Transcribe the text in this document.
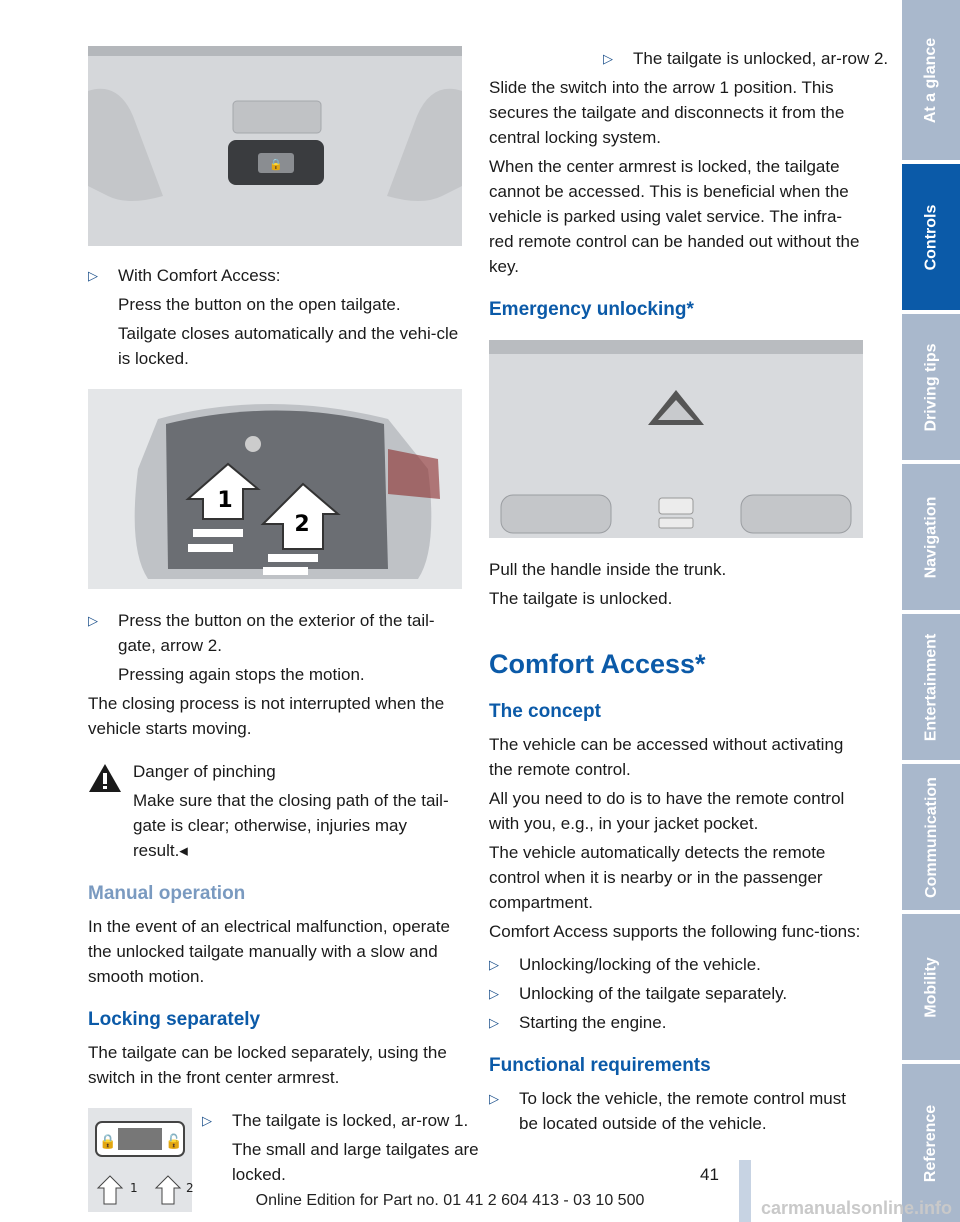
🔒
▷ With Comfort Access:

Press the button on the open tailgate.

Tailgate closes automatically and the vehi-cle is locked.

1
2
▷ Press the button on the exterior of the tail-gate, arrow 2.

Pressing again stops the motion.

The closing process is not interrupted when the vehicle starts moving.

Danger of pinching

Make sure that the closing path of the tail-gate is clear; otherwise, injuries may result.◂

Manual operation

In the event of an electrical malfunction, operate the unlocked tailgate manually with a slow and smooth motion.

Locking separately

The tailgate can be locked separately, using the switch in the front center armrest.

🔒	🔓
1	2
▷ The tailgate is locked, ar-row 1.

The small and large tailgates are locked.

▷ The tailgate is unlocked, ar-row 2.

Slide the switch into the arrow 1 position. This secures the tailgate and disconnects it from the central locking system.

When the center armrest is locked, the tailgate cannot be accessed. This is beneficial when the vehicle is parked using valet service. The infra-red remote control can be handed out without the key.

Emergency unlocking*

Pull the handle inside the trunk.

The tailgate is unlocked.

Comfort Access*

The concept

The vehicle can be accessed without activating the remote control.

All you need to do is to have the remote control with you, e.g., in your jacket pocket.

The vehicle automatically detects the remote control when it is nearby or in the passenger compartment.

Comfort Access supports the following func-tions:

▷ Unlocking/locking of the vehicle.

▷ Unlocking of the tailgate separately.

▷ Starting the engine.

Functional requirements

▷ To lock the vehicle, the remote control must be located outside of the vehicle.

At a glance
Controls
Driving tips
Navigation
Entertainment
Communication
Mobility
Reference
41
Online Edition for Part no. 01 41 2 604 413 - 03 10 500	carmanualsonline.info
